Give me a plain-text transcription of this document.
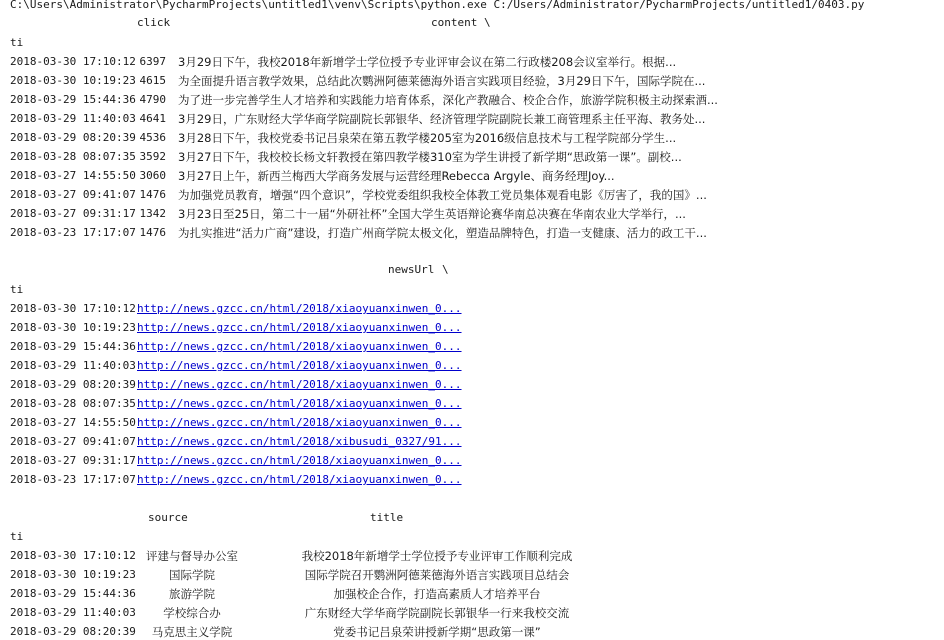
C:\Users\Administrator\PycharmProjects\untitled1\venv\Scripts\python.exe C:/Users/Administrator/PycharmProjects/untitled1/0403.py

click

	content

\

ti
2018-03-30 17:10:12 6397 3月29日下午，我校2018年新增学士学位授予专业评审会议在第二行政楼208会议室举行。根据...
2018-03-30 10:19:23 4615 为全面提升语言教学效果，总结此次鹦洲阿德莱德海外语言实践项目经验，3月29日下午，国际学院在...
2018-03-29 15:44:36 4790 为了进一步完善学生人才培养和实践能力培育体系，深化产教融合、校企合作，旅游学院积极主动探索酒...
2018-03-29 11:40:03 4641 3月29日，广东财经大学华商学院副院长郭银华、经济管理学院副院长兼工商管理系主任平海、教务处...
2018-03-29 08:20:39 4536 3月28日下午，我校党委书记吕泉荣在第五教学楼205室为2016级信息技术与工程学院部分学生...
2018-03-28 08:07:35 3592 3月27日下午，我校校长杨文轩教授在第四教学楼310室为学生讲授了新学期“思政第一课”。副校...
2018-03-27 14:55:50 3060 3月27日上午，新西兰梅西大学商务发展与运营经理Rebecca Argyle、商务经理Joy...
2018-03-27 09:41:07 1476 为加强党员教育，增强“四个意识”，学校党委组织我校全体教工党员集体观看电影《厉害了，我的国》...
2018-03-27 09:31:17 1342 3月23日至25日，第二十一届“外研社杯”全国大学生英语辩论赛华南总决赛在华南农业大学举行，...
2018-03-23 17:17:07 1476 为扎实推进“活力广商”建设，打造广州商学院太极文化，塑造品牌特色，打造一支健康、活力的政工干...

newsUrl

\

ti
2018-03-30 17:10:12 http://news.gzcc.cn/html/2018/xiaoyuanxinwen_0...
2018-03-30 10:19:23 http://news.gzcc.cn/html/2018/xiaoyuanxinwen_0...
2018-03-29 15:44:36 http://news.gzcc.cn/html/2018/xiaoyuanxinwen_0...
2018-03-29 11:40:03 http://news.gzcc.cn/html/2018/xiaoyuanxinwen_0...
2018-03-29 08:20:39 http://news.gzcc.cn/html/2018/xiaoyuanxinwen_0...
2018-03-28 08:07:35 http://news.gzcc.cn/html/2018/xiaoyuanxinwen_0...
2018-03-27 14:55:50 http://news.gzcc.cn/html/2018/xiaoyuanxinwen_0...
2018-03-27 09:41:07 http://news.gzcc.cn/html/2018/xibusudi_0327/91...
2018-03-27 09:31:17 http://news.gzcc.cn/html/2018/xiaoyuanxinwen_0...
2018-03-23 17:17:07 http://news.gzcc.cn/html/2018/xiaoyuanxinwen_0...

source

	title

ti
2018-03-30 17:10:12 评建与督导办公室	我校2018年新增学士学位授予专业评审工作顺利完成
2018-03-30 10:19:23	国际学院	国际学院召开鹦洲阿德莱德海外语言实践项目总结会
2018-03-29 15:44:36	旅游学院	加强校企合作，打造高素质人才培养平台
2018-03-29 11:40:03	学校综合办	广东财经大学华商学院副院长郭银华一行来我校交流
2018-03-29 08:20:39	马克思主义学院	党委书记吕泉荣讲授新学期“思政第一课”
